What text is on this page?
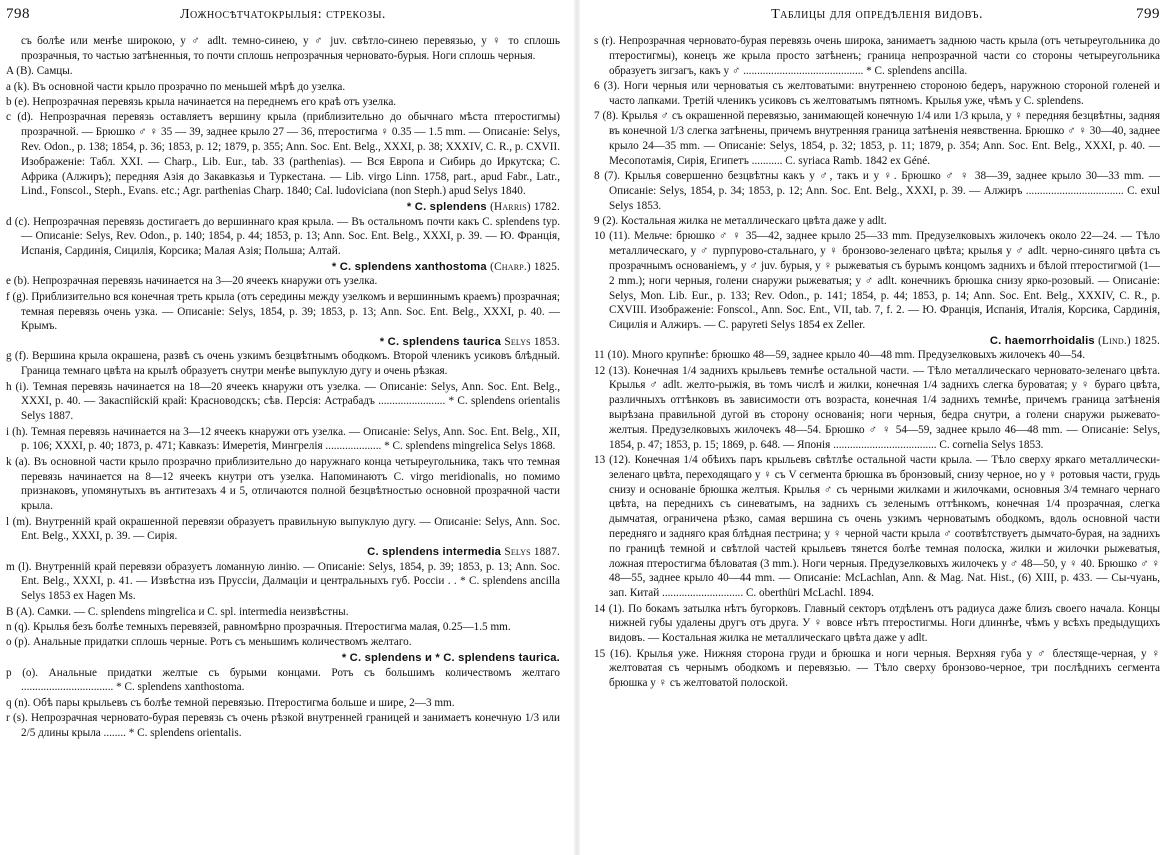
798	Ложносѣтчатокрылыя: стрекозы.

съ болѣе или менѣе широкою, у ♂ adlt. темно-синею, у ♂ juv. свѣтло-синею перевязью, у ♀ то сплошь прозрачныя, то частью затѣненныя, то почти сплошь непрозрачныя черновато-бурыя. Ноги сплошь черныя.

A (B). Самцы.

a (k). Въ основной части крыло прозрачно по меньшей мѣрѣ до узелка.

b (e). Непрозрачная перевязь крыла начинается на переднемъ его краѣ отъ узелка.

c (d). Непрозрачная перевязь оставляетъ вершину крыла (приблизительно до обычнаго мѣста птеростигмы) прозрачной. — Брюшко ♂ ♀ 35 — 39, заднее крыло 27 — 36, птеростигма ♀ 0.35 — 1.5 mm. — Описаніе: Selys, Rev. Odon., p. 138; 1854, p. 36; 1853, p. 12; 1879, p. 355; Ann. Soc. Ent. Belg., XXXI, p. 38; XXXIV, C. R., p. CXVII. Изображеніе: Табл. XXI. — Charp., Lib. Eur., tab. 33 (parthenias). — Вся Европа и Сибирь до Иркутска; С. Африка (Алжиръ); передняя Азія до Закавказья и Туркестана. — Lib. virgo Linn. 1758, part., apud Fabr., Latr., Lind., Fonscol., Steph., Evans. etc.; Agr. parthenias Charp. 1840; Cal. ludoviciana (non Steph.) apud Selys 1840.

* C. splendens (Harris) 1782.

d (c). Непрозрачная перевязь достигаетъ до вершиннаго края крыла. — Въ остальномъ почти какъ C. splendens typ. — Описаніе: Selys, Rev. Odon., p. 140; 1854, p. 44; 1853, p. 13; Ann. Soc. Ent. Belg., XXXI, p. 39. — Ю. Франція, Испанія, Сардинія, Сицилія, Корсика; Малая Азія; Польша; Алтай.

* C. splendens xanthostoma (Charp.) 1825.

e (b). Непрозрачная перевязь начинается на 3—20 ячеекъ кнаружи отъ узелка.

f (g). Приблизительно вся конечная треть крыла (отъ середины между узелкомъ и вершиннымъ краемъ) прозрачная; темная перевязь очень узка. — Описаніе: Selys, 1854, p. 39; 1853, p. 13; Ann. Soc. Ent. Belg., XXXI, p. 40. — Крымъ.

* C. splendens taurica Selys 1853.

g (f). Вершина крыла окрашена, развѣ съ очень узкимъ безцвѣтнымъ ободкомъ. Второй членикъ усиковъ блѣдный. Граница темнаго цвѣта на крылѣ образуетъ снутри менѣе выпуклую дугу и очень рѣзкая.

h (i). Темная перевязь начинается на 18—20 ячеекъ кнаружи отъ узелка. — Описаніе: Selys, Ann. Soc. Ent. Belg., XXXI, p. 40. — Закаспійскій край: Красноводскъ; сѣв. Персія: Астрабадъ ........................ * C. splendens orientalis Selys 1887.

i (h). Темная перевязь начинается на 3—12 ячеекъ кнаружи отъ узелка. — Описаніе: Selys, Ann. Soc. Ent. Belg., XII, p. 106; XXXI, p. 40; 1873, p. 471; Кавказъ: Имеретія, Мингрелія .................... * C. splendens mingrelica Selys 1868.

k (a). Въ основной части крыло прозрачно приблизительно до наружнаго конца четыреугольника, такъ что темная перевязь начинается на 8—12 ячеекъ кнутри отъ узелка. Напоминаютъ C. virgo meridionalis, но помимо признаковъ, упомянутыхъ въ антитезахъ 4 и 5, отличаются полной безцвѣтностью основной прозрачной части крыла.

l (m). Внутренній край окрашенной перевязи образуетъ правильную выпуклую дугу. — Описаніе: Selys, Ann. Soc. Ent. Belg., XXXI, p. 39. — Сирія.

C. splendens intermedia Selys 1887.

m (l). Внутренній край перевязи образуетъ ломанную линію. — Описаніе: Selys, 1854, p. 39; 1853, p. 13; Ann. Soc. Ent. Belg., XXXI, p. 41. — Извѣстна изъ Пруссіи, Далмаціи и центральныхъ губ. Россіи . . * C. splendens ancilla Selys 1853 ex Hagen Ms.

B (A). Самки. — C. splendens mingrelica и C. spl. intermedia неизвѣстны.

n (q). Крылья безъ болѣе темныхъ перевязей, равномѣрно прозрачныя. Птеростигма малая, 0.25—1.5 mm.

o (p). Анальные придатки сплошь черные. Ротъ съ меньшимъ количествомъ желтаго.

* C. splendens и * C. splendens taurica.

p (o). Анальные придатки желтые съ бурыми концами. Ротъ съ большимъ количествомъ желтаго ................................. * C. splendens xanthostoma.

q (n). Обѣ пары крыльевъ съ болѣе темной перевязью. Птеростигма больше и шире, 2—3 mm.

r (s). Непрозрачная черновато-бурая перевязь съ очень рѣзкой внутренней границей и занимаетъ конечную 1/3 или 2/5 длины крыла ........ * C. splendens orientalis.

Таблицы для опредѣленія видовъ.	799

s (r). Непрозрачная черновато-бурая перевязь очень широка, занимаетъ заднюю часть крыла (отъ четыреугольника до птеростигмы), конецъ же крыла просто затѣненъ; граница непрозрачной части со стороны четыреугольника образуетъ зигзагъ, какъ у ♂ ........................................... * C. splendens ancilla.

6 (3). Ноги черныя или черноватыя съ желтоватыми: внутреннею стороною бедеръ, наружною стороной голеней и часто лапками. Третій членикъ усиковъ съ желтоватымъ пятномъ. Крылья уже, чѣмъ у C. splendens.

7 (8). Крылья ♂ съ окрашенной перевязью, занимающей конечную 1/4 или 1/3 крыла, у ♀ передняя безцвѣтны, задняя въ конечной 1/3 слегка затѣнены, причемъ внутренняя граница затѣненія неявственна. Брюшко ♂ ♀ 30—40, заднее крыло 24—35 mm. — Описаніе: Selys, 1854, p. 32; 1853, p. 11; 1879, p. 354; Ann. Soc. Ent. Belg., XXXI, p. 40. — Месопотамія, Сирія, Египетъ ........... C. syriaca Ramb. 1842 ex Géné.

8 (7). Крылья совершенно безцвѣтны какъ у ♂, такъ и у ♀. Брюшко ♂ ♀ 38—39, заднее крыло 30—33 mm. — Описаніе: Selys, 1854, p. 34; 1853, p. 12; Ann. Soc. Ent. Belg., XXXI, p. 39. — Алжиръ ................................... C. exul Selys 1853.

9 (2). Костальная жилка не металлическаго цвѣта даже у adlt.

10 (11). Мельче: брюшко ♂ ♀ 35—42, заднее крыло 25—33 mm. Предузелковыхъ жилочекъ около 22—24. — Тѣло металлическаго, у ♂ пурпурово-стальнаго, у ♀ бронзово-зеленаго цвѣта; крылья у ♂ adlt. черно-синяго цвѣта съ прозрачнымъ основаніемъ, у ♂ juv. бурыя, у ♀ рыжеватыя съ бурымъ концомъ заднихъ и бѣлой птеростигмой (1—2 mm.); ноги черныя, голени снаружи рыжеватыя; у ♂ adlt. конечникъ брюшка снизу ярко-розовый. — Описаніе: Selys, Mon. Lib. Eur., p. 133; Rev. Odon., p. 141; 1854, p. 44; 1853, p. 14; Ann. Soc. Ent. Belg., XXXIV, C. R., p. CXVIII. Изображеніе: Fonscol., Ann. Soc. Ent., VII, tab. 7, f. 2. — Ю. Франція, Испанія, Италія, Корсика, Сардинія, Сицилія и Алжиръ. — C. papyreti Selys 1854 ex Zeller.

C. haemorrhoidalis (Lind.) 1825.

11 (10). Много крупнѣе: брюшко 48—59, заднее крыло 40—48 mm. Предузелковыхъ жилочекъ 40—54.

12 (13). Конечная 1/4 заднихъ крыльевъ темнѣе остальной части. — Тѣло металлическаго черновато-зеленаго цвѣта. Крылья ♂ adlt. желто-рыжія, въ томъ числѣ и жилки, конечная 1/4 заднихъ слегка буроватая; у ♀ бураго цвѣта, различныхъ оттѣнковъ въ зависимости отъ возраста, конечная 1/4 заднихъ темнѣе, причемъ граница затѣненія вырѣзана правильной дугой въ сторону основанія; ноги черныя, бедра снутри, а голени снаружи рыжевато-желтыя. Предузелковыхъ жилочекъ 48—54. Брюшко ♂ ♀ 54—59, заднее крыло 46—48 mm. — Описаніе: Selys, 1854, p. 47; 1853, p. 15; 1869, p. 648. — Японія ..................................... C. cornelia Selys 1853.

13 (12). Конечная 1/4 обѣихъ паръ крыльевъ свѣтлѣе остальной части крыла. — Тѣло сверху яркаго металлически-зеленаго цвѣта, переходящаго у ♀ съ V сегмента брюшка въ бронзовый, снизу черное, но у ♀ ротовыя части, грудь снизу и основаніе брюшка желтыя. Крылья ♂ съ черными жилками и жилочками, основныя 3/4 темнаго чернаго цвѣта, на переднихъ съ синеватымъ, на заднихъ съ зеленымъ оттѣнкомъ, конечная 1/4 прозрачная, слегка дымчатая, ограничена рѣзко, самая вершина съ очень узкимъ черноватымъ ободкомъ, вдоль основной части передняго и задняго края блѣдная пестрина; у ♀ черной части крыла ♂ соотвѣтствуетъ дымчато-бурая, на заднихъ по границѣ темной и свѣтлой частей крыльевъ тянется болѣе темная полоска, жилки и жилочки рыжеватыя, ложная птеростигма бѣловатая (3 mm.). Ноги черныя. Предузелковыхъ жилочекъ у ♂ 48—50, у ♀ 40. Брюшко ♂ ♀ 48—55, заднее крыло 40—44 mm. — Описаніе: McLachlan, Ann. & Mag. Nat. Hist., (6) XIII, p. 433. — Сы-чуань, зап. Китай ............................. C. oberthüri McLachl. 1894.

14 (1). По бокамъ затылка нѣтъ бугорковъ. Главный секторъ отдѣленъ отъ радиуса даже близъ своего начала. Концы нижней губы удалены другъ отъ друга. У ♀ вовсе нѣтъ птеростигмы. Ноги длиннѣе, чѣмъ у всѣхъ предыдущихъ видовъ. — Костальная жилка не металлическаго цвѣта даже у adlt.

15 (16). Крылья уже. Нижняя сторона груди и брюшка и ноги черныя. Верхняя губа у ♂ блестяще-черная, у ♀ желтоватая съ чернымъ ободкомъ и перевязью. — Тѣло сверху бронзово-черное, три послѣднихъ сегмента брюшка у ♀ съ желтоватой полоской.
